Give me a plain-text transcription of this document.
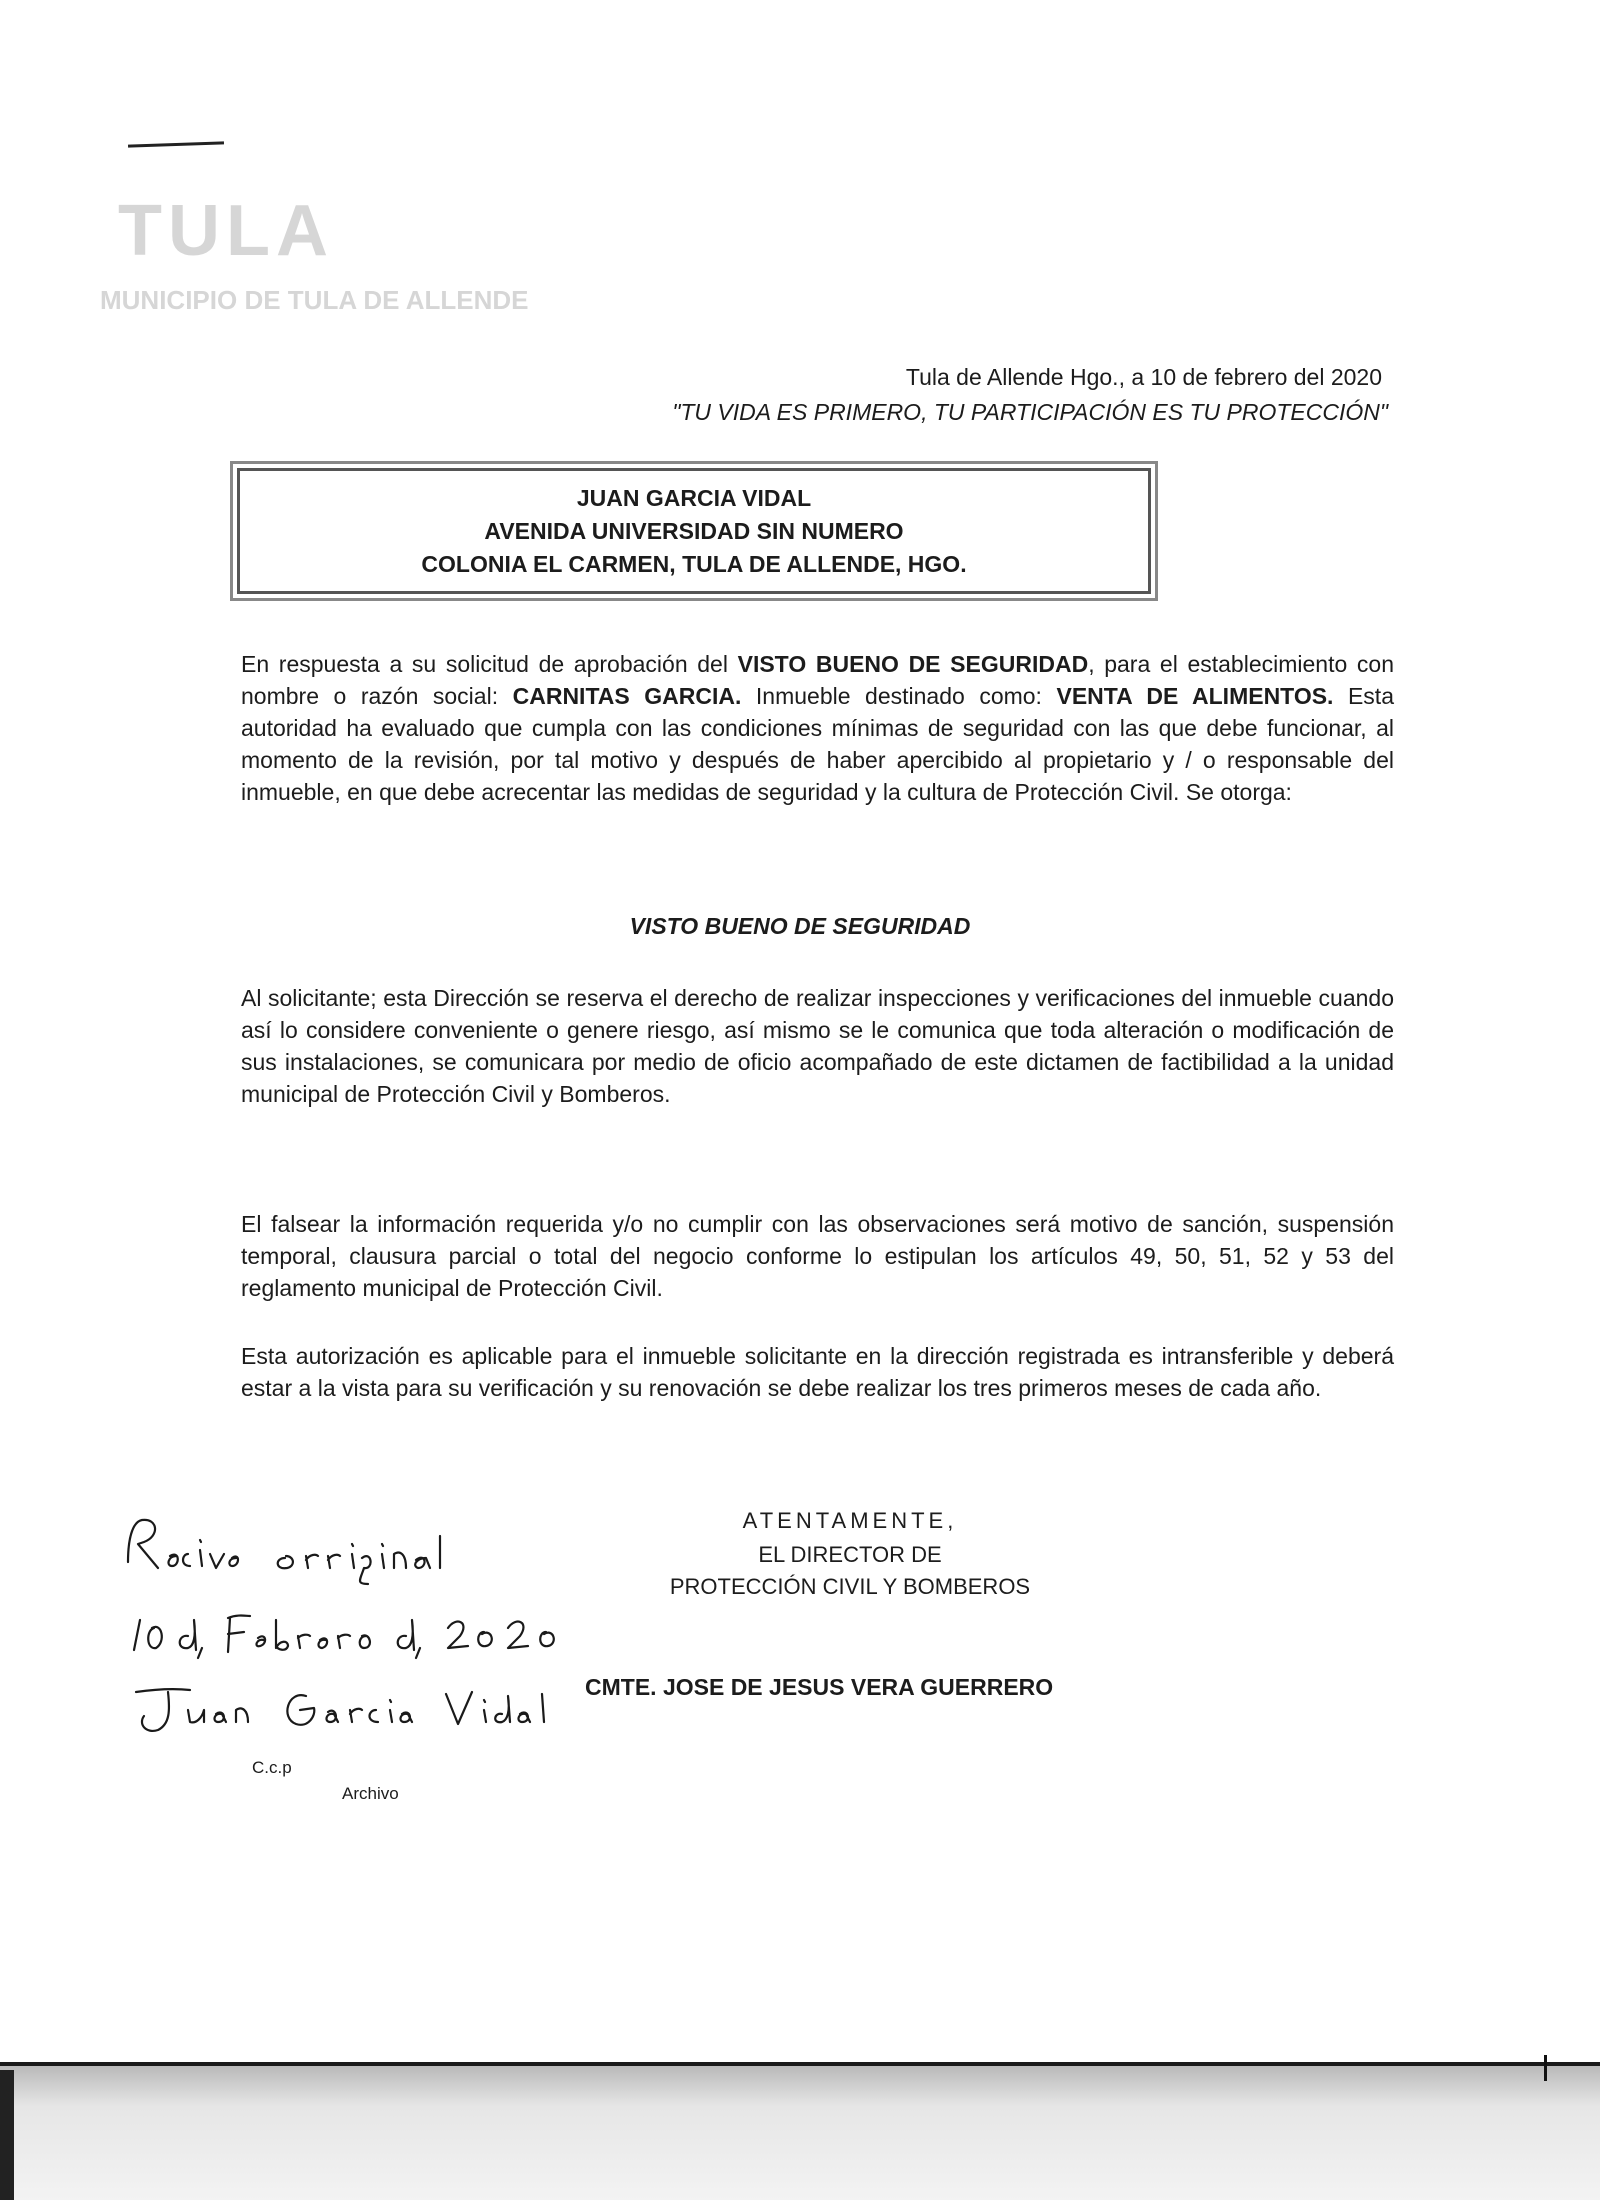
TULA
MUNICIPIO DE TULA DE ALLENDE
Tula de Allende Hgo., a 10 de febrero del 2020
"TU VIDA ES PRIMERO, TU PARTICIPACIÓN ES TU PROTECCIÓN"
JUAN GARCIA VIDAL
AVENIDA UNIVERSIDAD SIN NUMERO
COLONIA EL CARMEN, TULA DE ALLENDE, HGO.
En respuesta a su solicitud de aprobación del VISTO BUENO DE SEGURIDAD, para el establecimiento con nombre o razón social: CARNITAS GARCIA. Inmueble destinado como: VENTA DE ALIMENTOS. Esta autoridad ha evaluado que cumpla con las condiciones mínimas de seguridad con las que debe funcionar, al momento de la revisión, por tal motivo y después de haber apercibido al propietario y / o responsable del inmueble, en que debe acrecentar las medidas de seguridad y la cultura de Protección Civil. Se otorga:
VISTO BUENO DE SEGURIDAD
Al solicitante; esta Dirección se reserva el derecho de realizar inspecciones y verificaciones del inmueble cuando así lo considere conveniente o genere riesgo, así mismo se le comunica que toda alteración o modificación de sus instalaciones, se comunicara por medio de oficio acompañado de este dictamen de factibilidad a la unidad municipal de Protección Civil y Bomberos.
El falsear la información requerida y/o no cumplir con las observaciones será motivo de sanción, suspensión temporal, clausura parcial o total del negocio conforme lo estipulan los artículos 49, 50, 51, 52 y 53 del reglamento municipal de Protección Civil.
Esta autorización es aplicable para el inmueble solicitante en la dirección registrada es intransferible y deberá estar a la vista para su verificación y su renovación se debe realizar los tres primeros meses de cada año.
ATENTAMENTE,
EL DIRECTOR DE
PROTECCIÓN CIVIL Y BOMBEROS
CMTE. JOSE DE JESUS VERA GUERRERO
C.c.p
Archivo
